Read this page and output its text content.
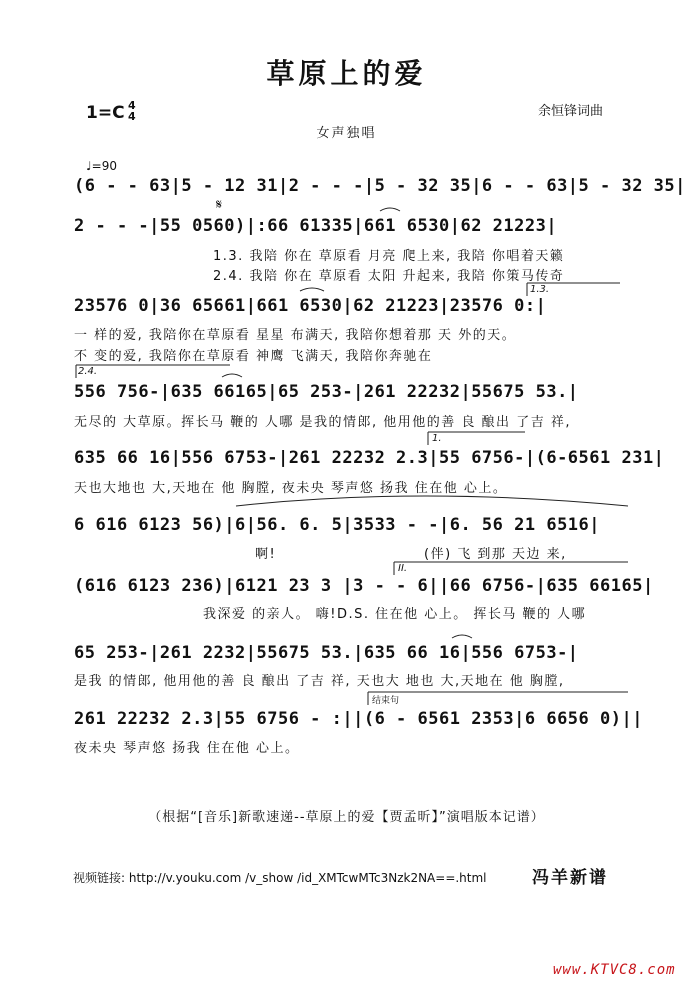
草原上的爱
1=C 4
4	余恒锋词曲
女声独唱
♩=90
(6 - - 63|5 - 12 31|2 - - -|5 - 32 35|6 - - 63|5 - 32 35|
2 - - -|55 0560)|:66 61335|661 6530|62 21223|
𝄋
1.3. 我陪 你在 草原看 月亮 爬上来, 我陪 你唱着天籁
2.4. 我陪 你在 草原看 太阳 升起来, 我陪 你策马传奇
23576 0|36 65661|661 6530|62 21223|23576 0:|
1.3.
一 样的爱, 我陪你在草原看 星星 布满天, 我陪你想着那 天 外的天。
不 变的爱, 我陪你在草原看 神鹰 飞满天, 我陪你奔驰在
2.4.
556 756-|635 66165|65 253-|261 22232|55675 53.|
无尽的 大草原。挥长马 鞭的 人哪 是我的情郎, 他用他的善 良 酿出 了吉 祥,
1.
635 66 16|556 6753-|261 22232 2.3|55 6756-|(6-6561 231|
天也大地也 大,天地在 他 胸膛, 夜未央 琴声悠 扬我 住在他 心上。
6 616 6123 56)|6|56. 6. 5|3533 - -|6. 56 21 6516|
啊!	(伴) 飞 到那 天边 来,
(616 6123 236)|6121 23 3 |3 - - 6||66 6756-|635 66165|
II.
我深爱 的亲人。 嗨!D.S. 住在他 心上。 挥长马 鞭的 人哪
65 253-|261 2232|55675 53.|635 66 16|556 6753-|
是我 的情郎, 他用他的善 良 酿出 了吉 祥, 天也大 地也 大,天地在 他 胸膛,
结束句
261 22232 2.3|55 6756 - :||(6 - 6561 2353|6 6656 0)||
夜未央 琴声悠 扬我 住在他 心上。
（根据“[音乐]新歌速递--草原上的爱【贾孟昕】”演唱版本记谱）
视频链接: http://v.youku.com /v_show /id_XMTcwMTc3Nzk2NA==.html	冯羊新谱
www.KTVC8.com
